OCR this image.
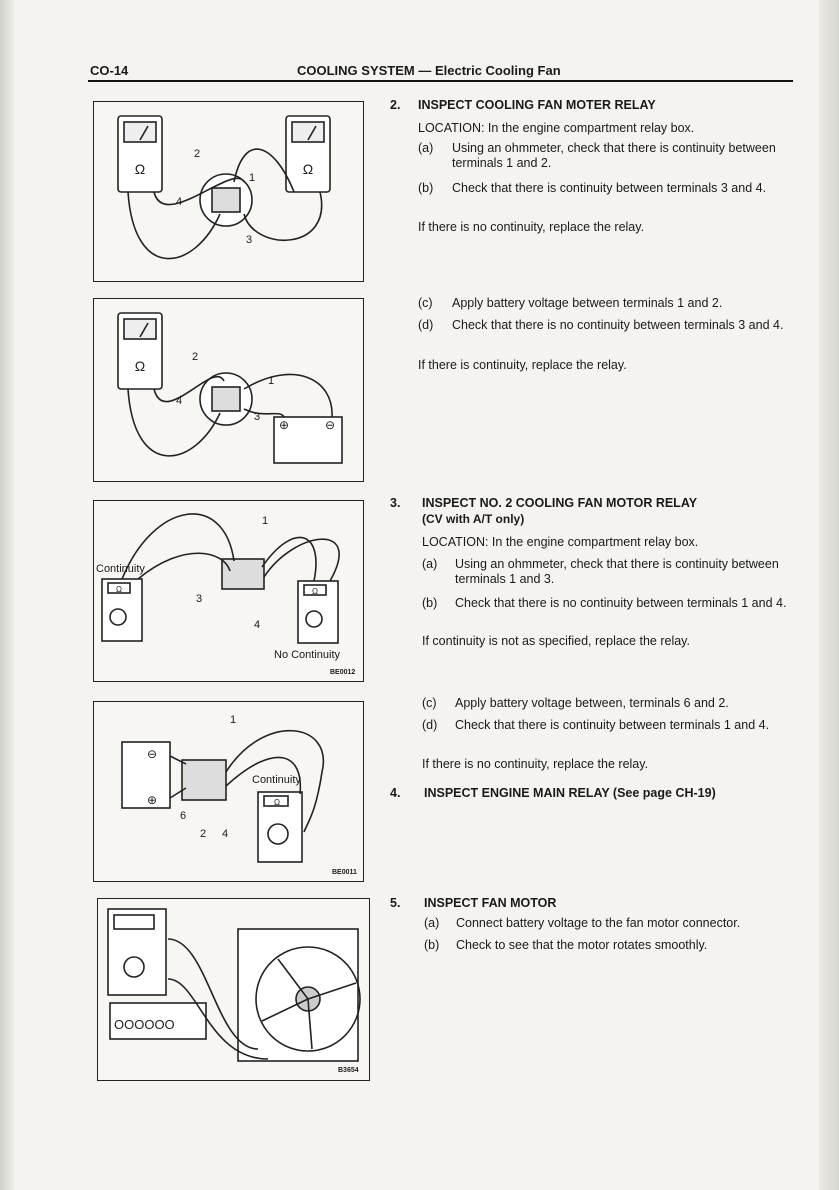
CO-14	COOLING SYSTEM — Electric Cooling Fan
Ω	Ω
2
1
4
3
Ω
⊕	⊖
2
1
4
3
Ω	Ω
Continuity
1
3
4
No Continuity
BE0012
⊖
⊕	Ω
1
Continuity
6
2 4
BE0011
OOOOOO
B3654
2. INSPECT COOLING FAN MOTER RELAY
LOCATION: In the engine compartment relay box.
(a)	Using an ohmmeter, check that there is continuity between terminals 1 and 2.
(b)	Check that there is continuity between terminals 3 and 4.
If there is no continuity, replace the relay.
(c)	Apply battery voltage between terminals 1 and 2.
(d)	Check that there is no continuity between terminals 3 and 4.
If there is continuity, replace the relay.
3. INSPECT NO. 2 COOLING FAN MOTOR RELAY
(CV with A/T only)
LOCATION: In the engine compartment relay box.
(a)	Using an ohmmeter, check that there is continuity between terminals 1 and 3.
(b)	Check that there is no continuity between terminals 1 and 4.
If continuity is not as specified, replace the relay.
(c)	Apply battery voltage between, terminals 6 and 2.
(d)	Check that there is continuity between terminals 1 and 4.
If there is no continuity, replace the relay.
4. INSPECT ENGINE MAIN RELAY (See page CH-19)
5. INSPECT FAN MOTOR
(a)	Connect battery voltage to the fan motor connector.
(b)	Check to see that the motor rotates smoothly.
